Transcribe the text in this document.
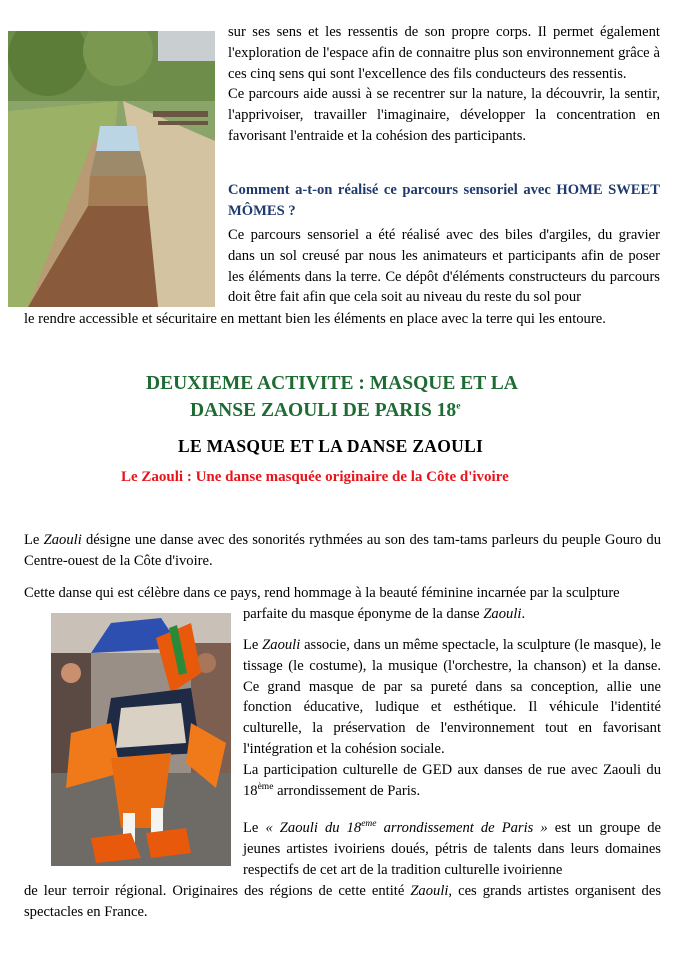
sur ses sens et les ressentis de son propre corps. Il permet également l'exploration de l'espace afin de connaitre plus son environnement grâce à ces cinq sens qui sont l'excellence des fils conducteurs des ressentis.

Ce parcours aide aussi à se recentrer sur la nature, la découvrir, la sentir, l'apprivoiser, travailler l'imaginaire, développer la concentration en favorisant l'entraide et la cohésion des participants.

Comment a-t-on réalisé ce parcours sensoriel avec HOME SWEET MÔMES ?

Ce parcours sensoriel a été réalisé avec des biles d'argiles, du gravier dans un sol creusé par nous les animateurs et participants afin de poser les éléments dans la terre. Ce dépôt d'éléments constructeurs du parcours doit être fait afin que cela soit au niveau du reste du sol pour

le rendre accessible et sécuritaire en mettant bien les éléments en place avec la terre qui les entoure.

DEUXIEME ACTIVITE : MASQUE ET LA
DANSE ZAOULI DE PARIS 18e
LE MASQUE ET LA DANSE ZAOULI
Le Zaouli : Une danse masquée originaire de la Côte d'ivoire

Le Zaouli désigne une danse avec des sonorités rythmées au son des tam-tams parleurs du peuple Gouro du Centre-ouest de la Côte d'ivoire.

Cette danse qui est célèbre dans ce pays, rend hommage à la beauté féminine incarnée par la sculpture

parfaite du masque éponyme de la danse Zaouli.

Le Zaouli associe, dans un même spectacle, la sculpture (le masque), le tissage (le costume), la musique (l'orchestre, la chanson) et la danse. Ce grand masque de par sa pureté dans sa conception, allie une fonction éducative, ludique et esthétique. Il véhicule l'identité culturelle, la préservation de l'environnement tout en favorisant l'intégration et la cohésion sociale.

La participation culturelle de GED aux danses de rue avec Zaouli du 18ème arrondissement de Paris.

Le « Zaouli du 18eme arrondissement de Paris » est un groupe de jeunes artistes ivoiriens doués, pétris de talents dans leurs domaines respectifs de cet art de la tradition culturelle ivoirienne

de leur terroir régional. Originaires des régions de cette entité Zaouli, ces grands artistes organisent des spectacles en France.
